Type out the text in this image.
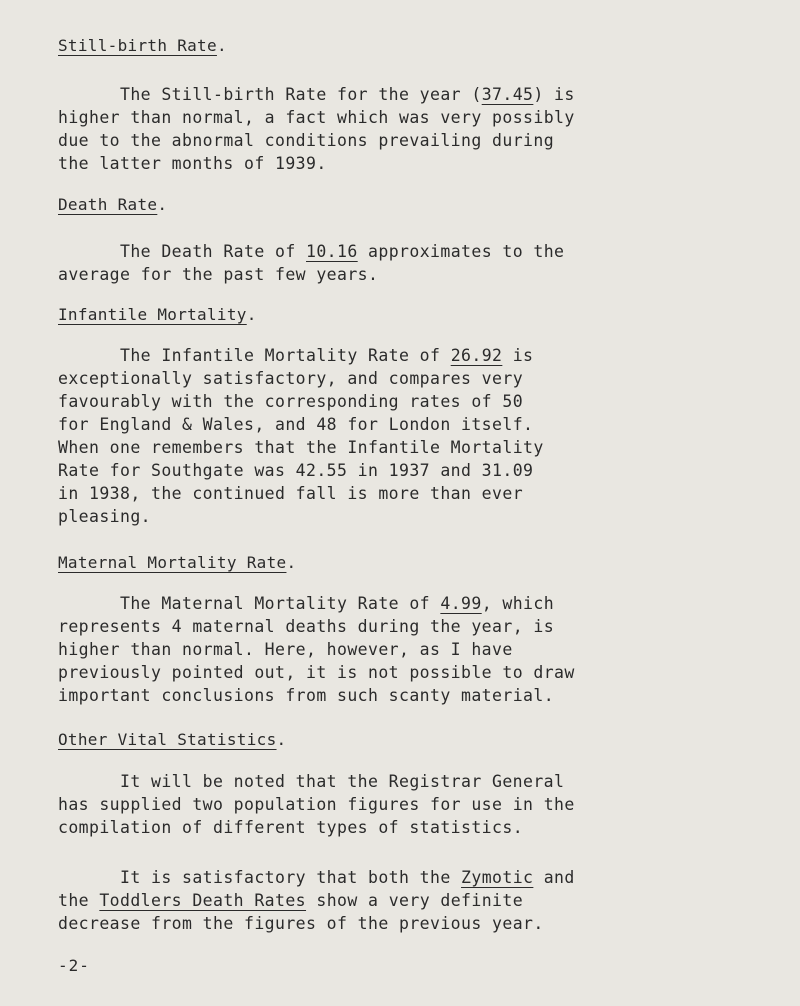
Still-birth Rate.
The Still-birth Rate for the year (37.45) is
higher than normal, a fact which was very possibly
due to the abnormal conditions prevailing during
the latter months of 1939.
Death Rate.
The Death Rate of 10.16 approximates to the
average for the past few years.
Infantile Mortality.
The Infantile Mortality Rate of 26.92 is
exceptionally satisfactory, and compares very
favourably with the corresponding rates of 50
for England & Wales, and 48 for London itself.
When one remembers that the Infantile Mortality
Rate for Southgate was 42.55 in 1937 and 31.09
in 1938, the continued fall is more than ever
pleasing.
Maternal Mortality Rate.
The Maternal Mortality Rate of 4.99, which
represents 4 maternal deaths during the year, is
higher than normal. Here, however, as I have
previously pointed out, it is not possible to draw
important conclusions from such scanty material.
Other Vital Statistics.
It will be noted that the Registrar General
has supplied two population figures for use in the
compilation of different types of statistics.
It is satisfactory that both the Zymotic and
the Toddlers Death Rates show a very definite
decrease from the figures of the previous year.
-2-
